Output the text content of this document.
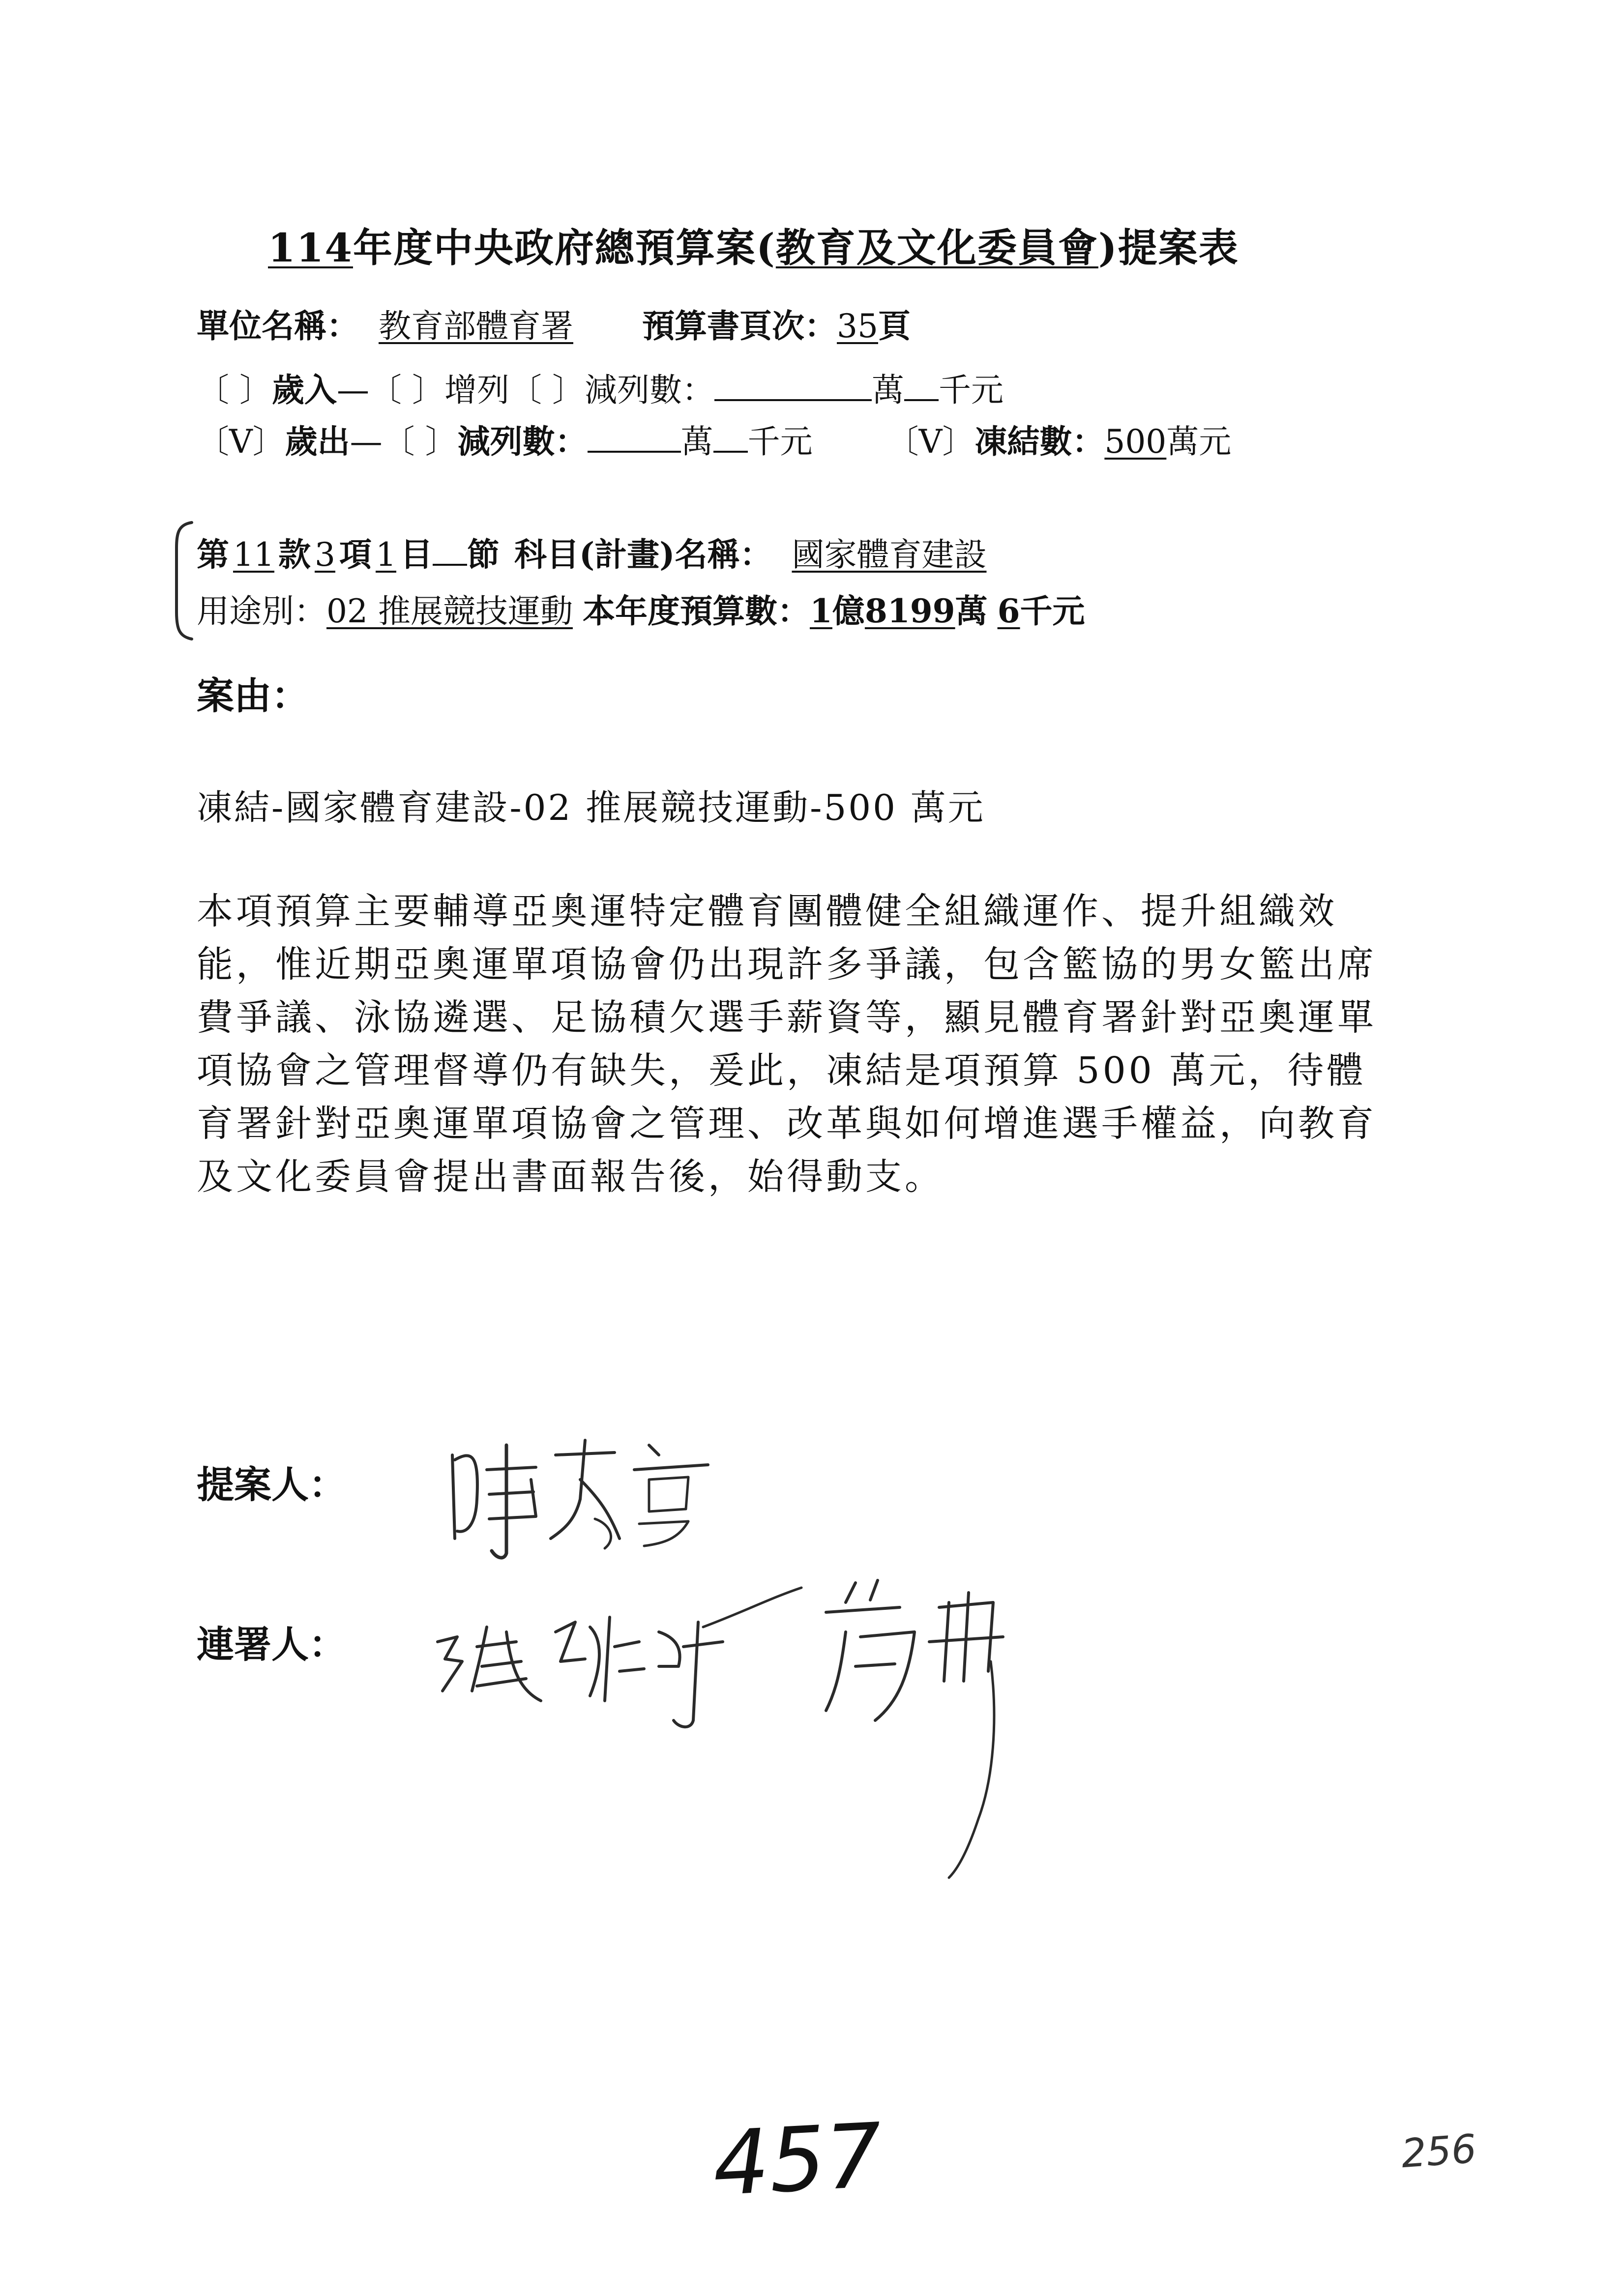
114年度中央政府總預算案(教育及文化委員會)提案表
單位名稱： 教育部體育署 預算書頁次：35頁
〔 〕歲入—〔 〕增列〔 〕減列數：	萬 千元
〔V〕歲出—〔 〕減列數：	萬 千元 〔V〕凍結數：500萬元
第 11 款 3 項 1 目 節 科目(計畫)名稱： 國家體育建設
用途別：02 推展競技運動 本年度預算數：1億8199萬 6千元
案由：
凍結-國家體育建設-02 推展競技運動-500 萬元
本項預算主要輔導亞奧運特定體育團體健全組織運作、提升組織效能，惟近期亞奧運單項協會仍出現許多爭議，包含籃協的男女籃出席費爭議、泳協遴選、足協積欠選手薪資等，顯見體育署針對亞奧運單項協會之管理督導仍有缺失，爰此，凍結是項預算 500 萬元，待體育署針對亞奧運單項協會之管理、改革與如何增進選手權益，向教育及文化委員會提出書面報告後，始得動支。
提案人：
連署人：
457	256
